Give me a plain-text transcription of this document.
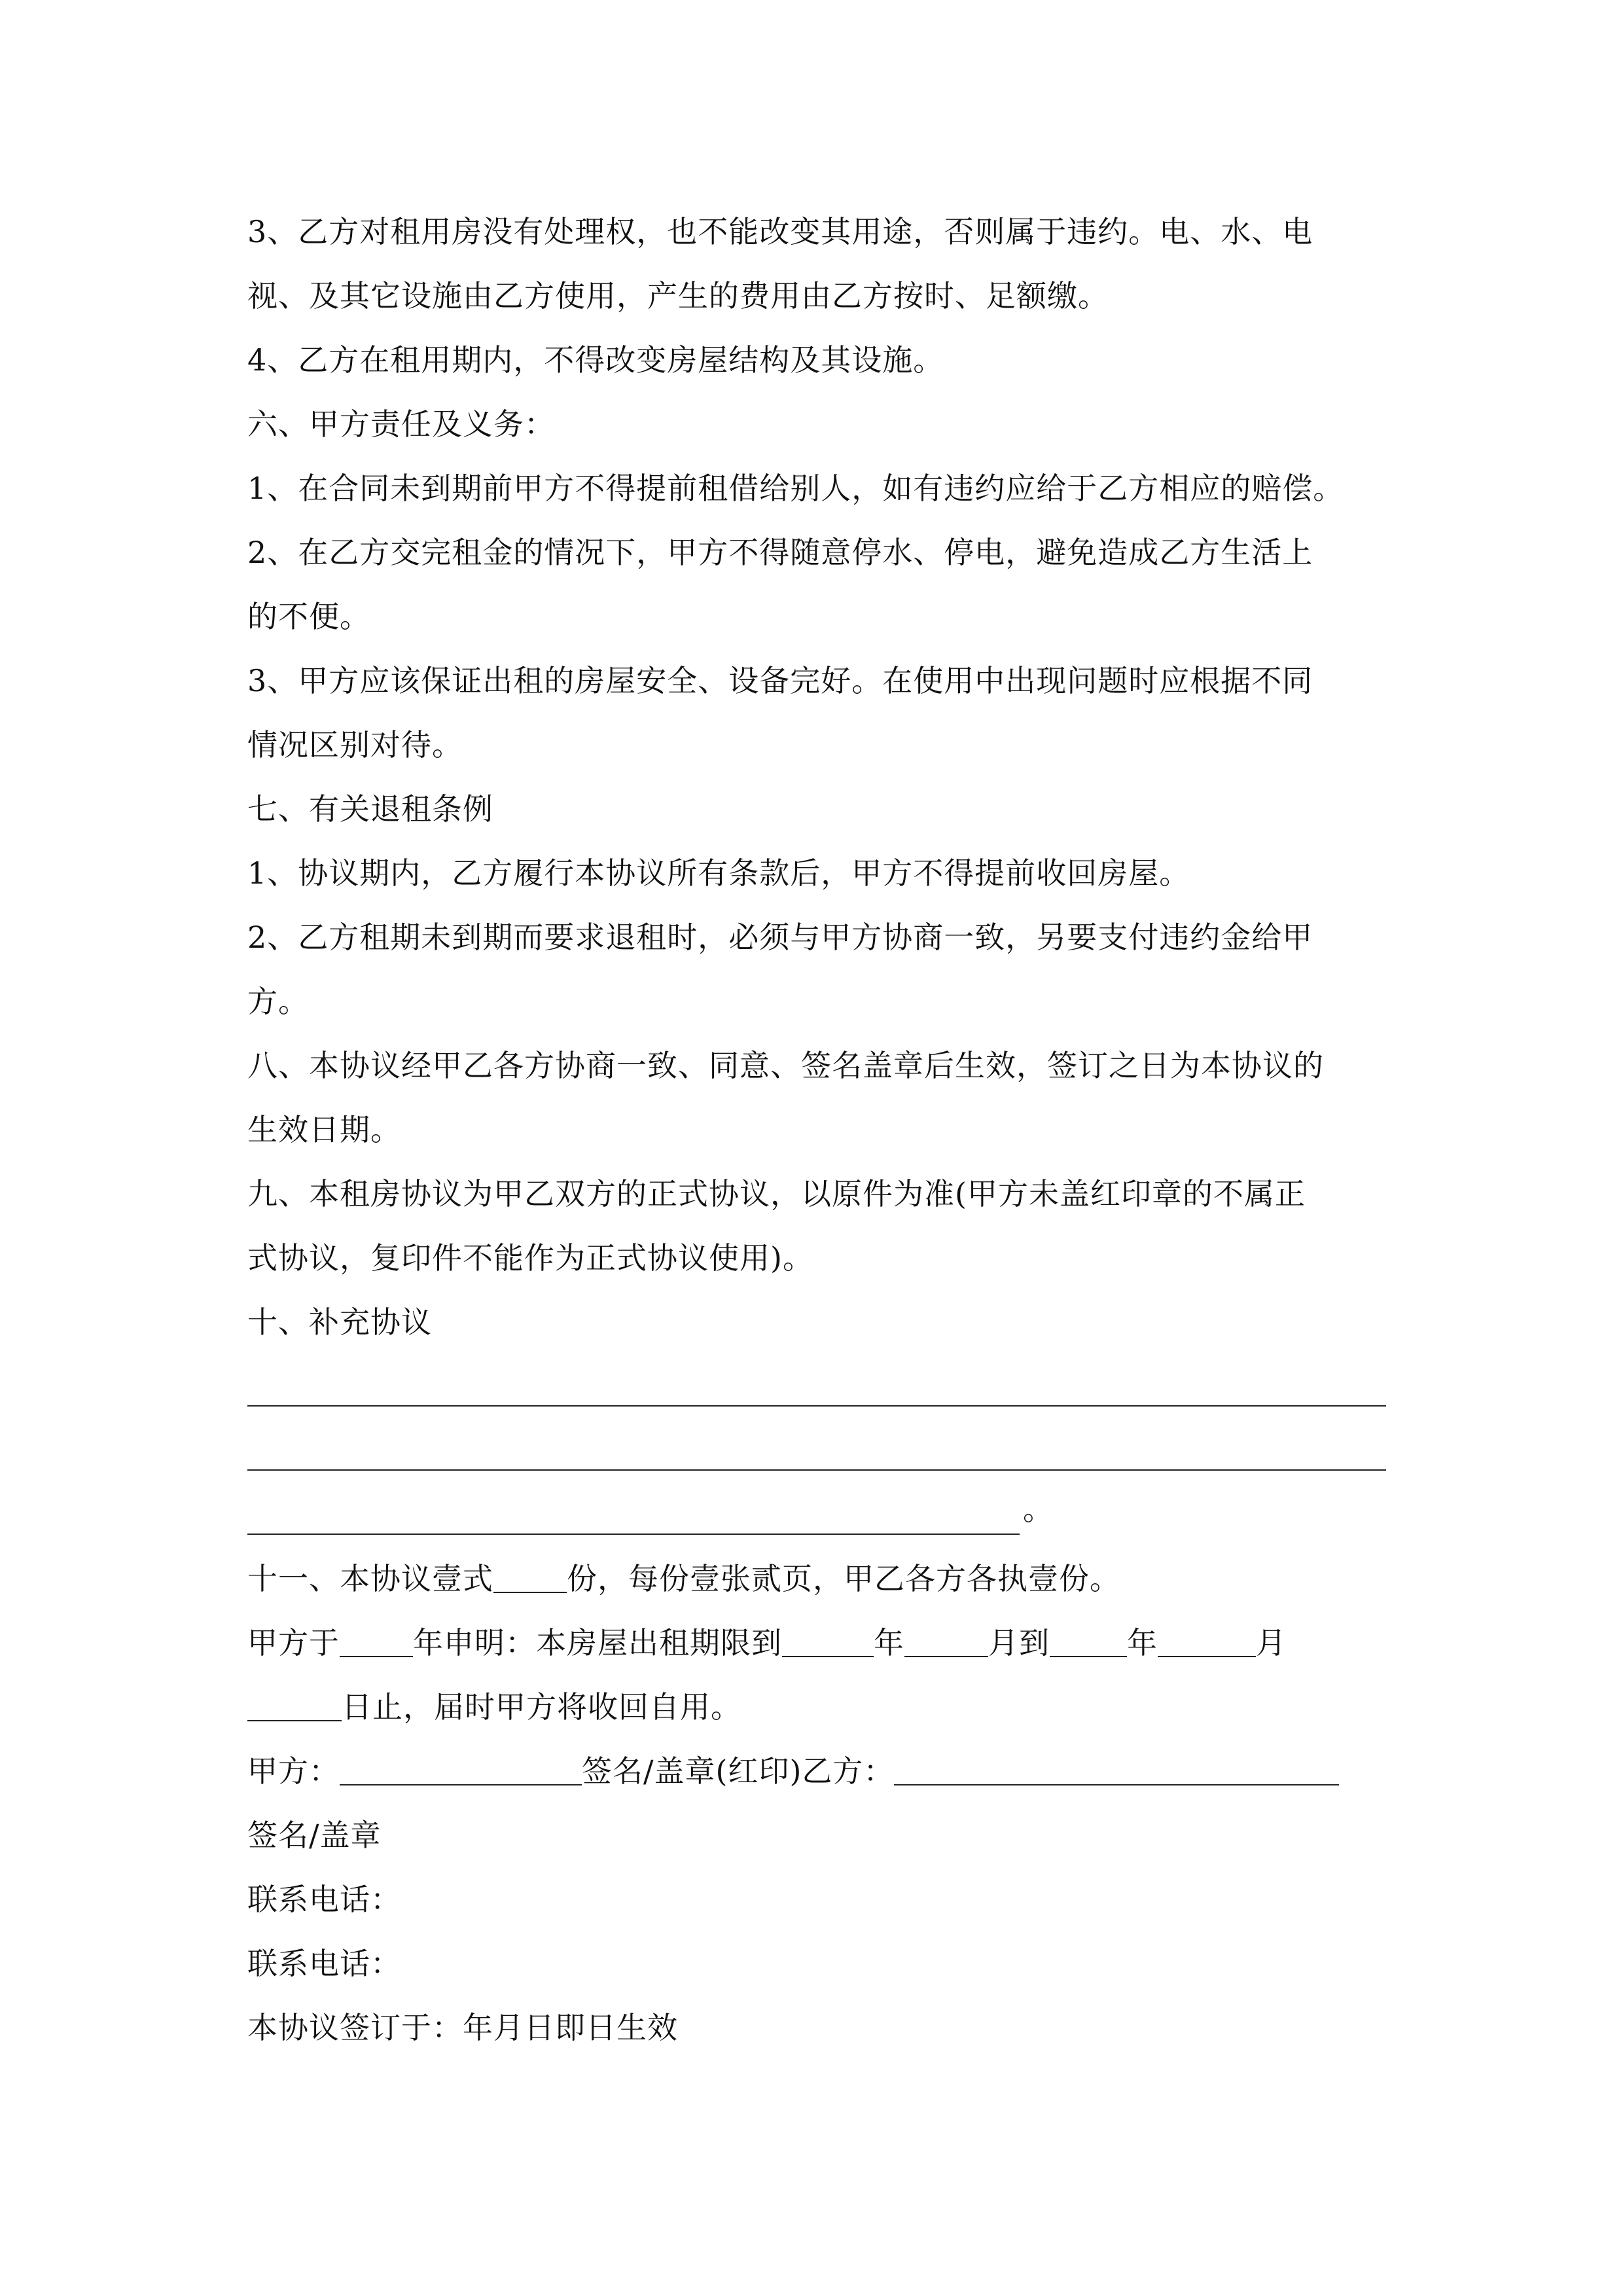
3、乙方对租用房没有处理权，也不能改变其用途，否则属于违约。电、水、电

视、及其它设施由乙方使用，产生的费用由乙方按时、足额缴。

4、乙方在租用期内，不得改变房屋结构及其设施。

六、甲方责任及义务：

1、在合同未到期前甲方不得提前租借给别人，如有违约应给于乙方相应的赔偿。

2、在乙方交完租金的情况下，甲方不得随意停水、停电，避免造成乙方生活上

的不便。

3、甲方应该保证出租的房屋安全、设备完好。在使用中出现问题时应根据不同

情况区别对待。

七、有关退租条例

1、协议期内，乙方履行本协议所有条款后，甲方不得提前收回房屋。

2、乙方租期未到期而要求退租时，必须与甲方协商一致，另要支付违约金给甲

方。

八、本协议经甲乙各方协商一致、同意、签名盖章后生效，签订之日为本协议的

生效日期。

九、本租房协议为甲乙双方的正式协议，以原件为准(甲方未盖红印章的不属正

式协议，复印件不能作为正式协议使用)。

十、补充协议

。

十一、本协议壹式 份，每份壹张贰页，甲乙各方各执壹份。

甲方于 年申明：本房屋出租期限到	年	月到	年	月

日止，届时甲方将收回自用。

甲方：	签名/盖章(红印)乙方：

签名/盖章

联系电话：

联系电话：

本协议签订于：年月日即日生效
